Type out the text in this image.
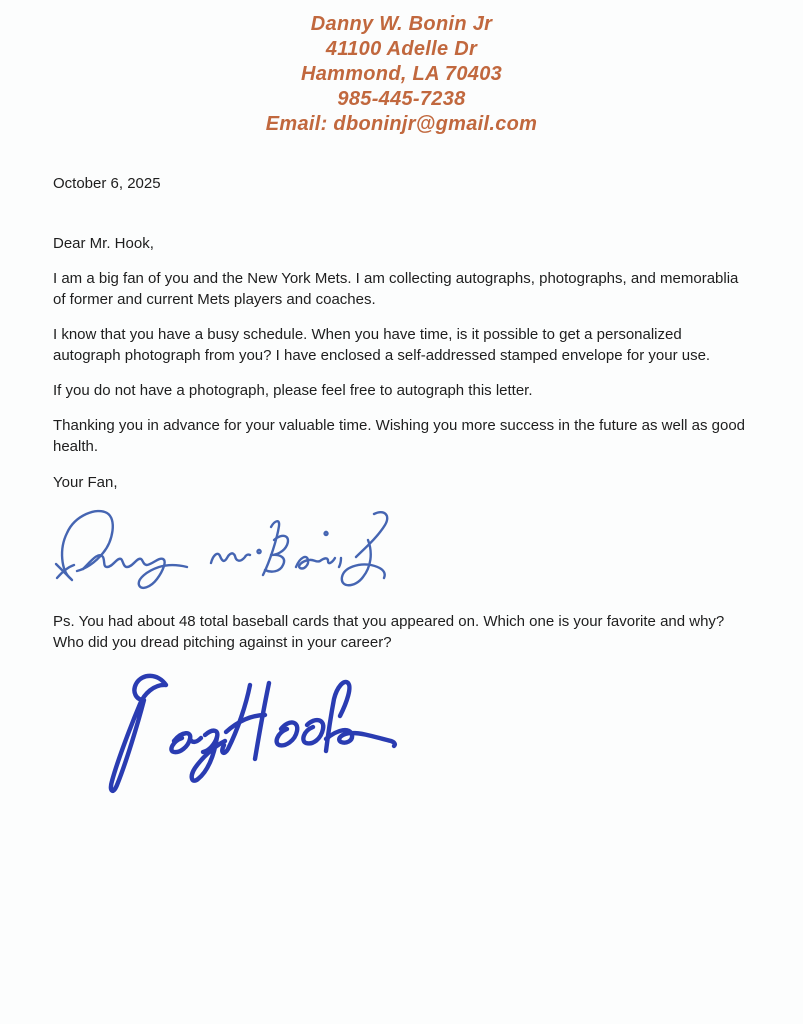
Danny W. Bonin Jr
41100 Adelle Dr
Hammond, LA 70403
985-445-7238
Email: dboninjr@gmail.com
October 6, 2025
Dear Mr. Hook,

I am a big fan of you and the New York Mets. I am collecting autographs, photographs, and memorablia of former and current Mets players and coaches.

I know that you have a busy schedule. When you have time, is it possible to get a personalized autograph photograph from you? I have enclosed a self-addressed stamped envelope for your use.

If you do not have a photograph, please feel free to autograph this letter.

Thanking you in advance for your valuable time. Wishing you more success in the future as well as good health.

Your Fan,

Ps. You had about 48 total baseball cards that you appeared on. Which one is your favorite and why? Who did you dread pitching against in your career?
